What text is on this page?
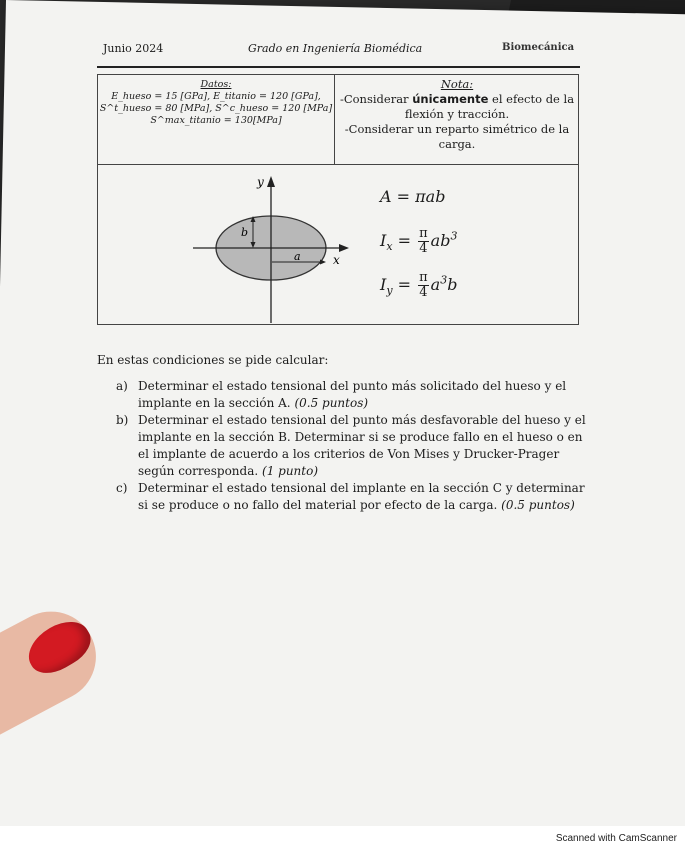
Junio 2024	Grado en Ingeniería Biomédica	Biomecánica
Datos:
E_hueso = 15 [GPa], E_titanio = 120 [GPa],
S^t_hueso = 80 [MPa], S^c_hueso = 120 [MPa]
S^max_titanio = 130[MPa]
Nota:
-Considerar únicamente el efecto de la flexión y tracción.
-Considerar un reparto simétrico de la carga.
y
x
b
a
A = πab
$I_x = \frac{\pi}{4} ab^3$
$I_y = \frac{\pi}{4} a^3b$
En estas condiciones se pide calcular:
a) Determinar el estado tensional del punto más solicitado del hueso y el implante en la sección A. (0.5 puntos)
b) Determinar el estado tensional del punto más desfavorable del hueso y el implante en la sección B. Determinar si se produce fallo en el hueso o en el implante de acuerdo a los criterios de Von Mises y Drucker-Prager según corresponda. (1 punto)
c) Determinar el estado tensional del implante en la sección C y determinar si se produce o no fallo del material por efecto de la carga. (0.5 puntos)
Scanned with CamScanner
